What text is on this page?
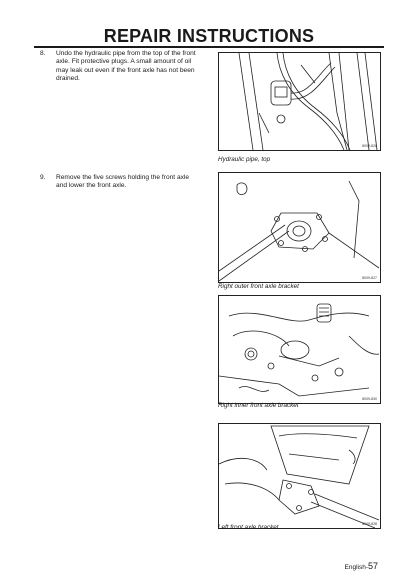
REPAIR INSTRUCTIONS
8.	Undo the hydraulic pipe from the top of the front axle. Fit protective plugs. A small amount of oil may leak out even if the front axle has not been drained.
9.	Remove the five screws holding the front axle and lower the front axle.
8009-826
Hydraulic pipe, top
8009-827
Right outer front axle bracket
8009-830
Right inner front axle bracket
8009-828
Left front axle bracket
English-57
